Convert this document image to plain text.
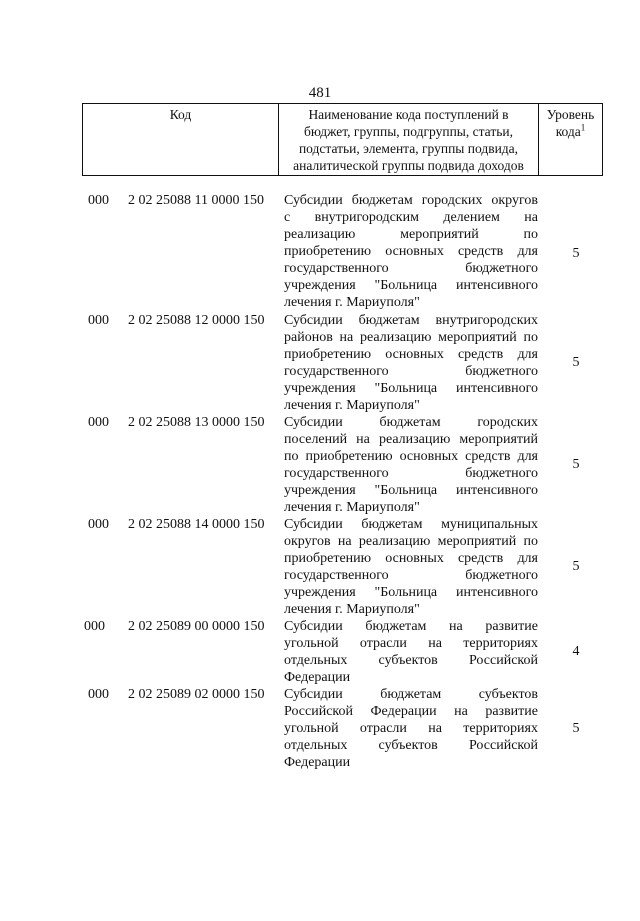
481
Код	Наименование кода поступлений в
бюджет, группы, подгруппы, статьи,
подстатьи, элемента, группы подвида,
аналитической группы подвида доходов

Уровень
кода$^1$
000	2 02 25088 11 0000 150	Субсидии бюджетам городских округов
с внутригородским делением на
реализацию мероприятий по
приобретению основных средств для
государственного бюджетного
учреждения "Больница интенсивного
лечения г. Мариуполя"
5
000	2 02 25088 12 0000 150	Субсидии бюджетам внутригородских
районов на реализацию мероприятий по
приобретению основных средств для
государственного бюджетного
учреждения "Больница интенсивного
лечения г. Мариуполя"
5
000	2 02 25088 13 0000 150	Субсидии бюджетам городских
поселений на реализацию мероприятий
по приобретению основных средств для
государственного бюджетного
учреждения "Больница интенсивного
лечения г. Мариуполя"
5
000	2 02 25088 14 0000 150	Субсидии бюджетам муниципальных
округов на реализацию мероприятий по
приобретению основных средств для
государственного бюджетного
учреждения "Больница интенсивного
лечения г. Мариуполя"
5
000	2 02 25089 00 0000 150	Субсидии бюджетам на развитие
угольной отрасли на территориях
отдельных субъектов Российской
Федерации
4
000	2 02 25089 02 0000 150	Субсидии бюджетам субъектов
Российской Федерации на развитие
угольной отрасли на территориях
отдельных субъектов Российской
Федерации
5
